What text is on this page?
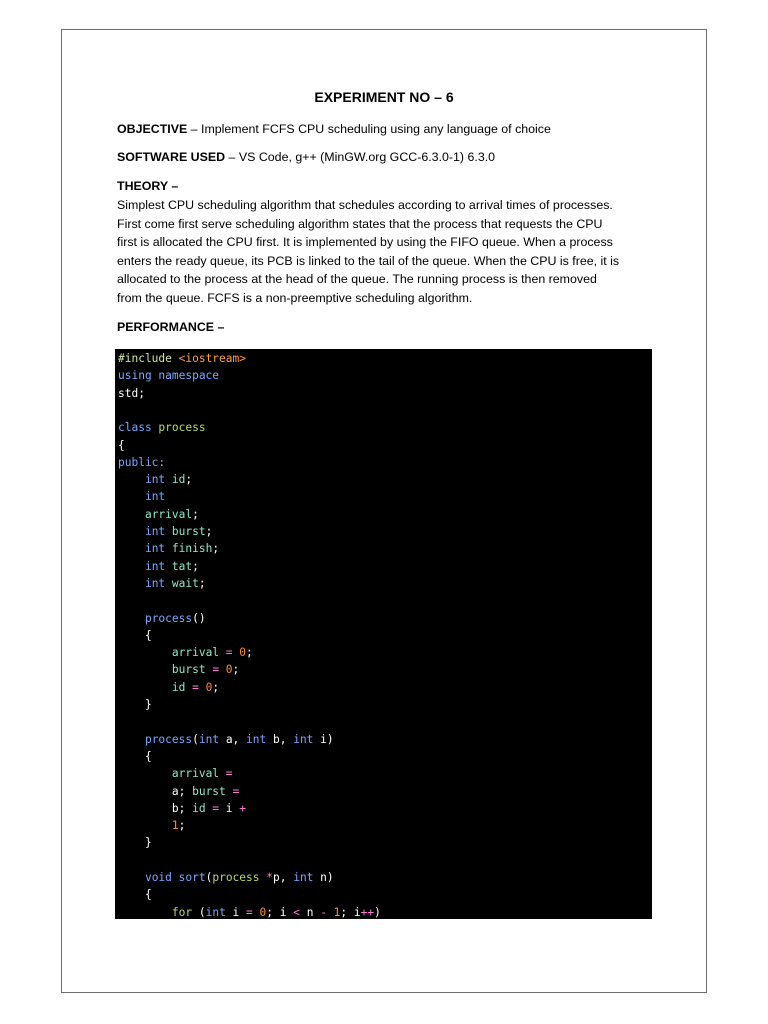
EXPERIMENT NO – 6
OBJECTIVE – Implement FCFS CPU scheduling using any language of choice
SOFTWARE USED – VS Code, g++ (MinGW.org GCC-6.3.0-1) 6.3.0
THEORY –
Simplest CPU scheduling algorithm that schedules according to arrival times of processes.
First come first serve scheduling algorithm states that the process that requests the CPU
first is allocated the CPU first. It is implemented by using the FIFO queue. When a process
enters the ready queue, its PCB is linked to the tail of the queue. When the CPU is free, it is
allocated to the process at the head of the queue. The running process is then removed
from the queue. FCFS is a non-preemptive scheduling algorithm.
PERFORMANCE –
#include <iostream>
using namespace
std;
class process
{
public:
int id;
int
arrival;
int burst;
int finish;
int tat;
int wait;
process()
{
arrival = 0;
burst = 0;
id = 0;
}
process(int a, int b, int i)
{
arrival =
a; burst =
b; id = i +
1;
}
void sort(process *p, int n)
{
for (int i = 0; i < n - 1; i++)
